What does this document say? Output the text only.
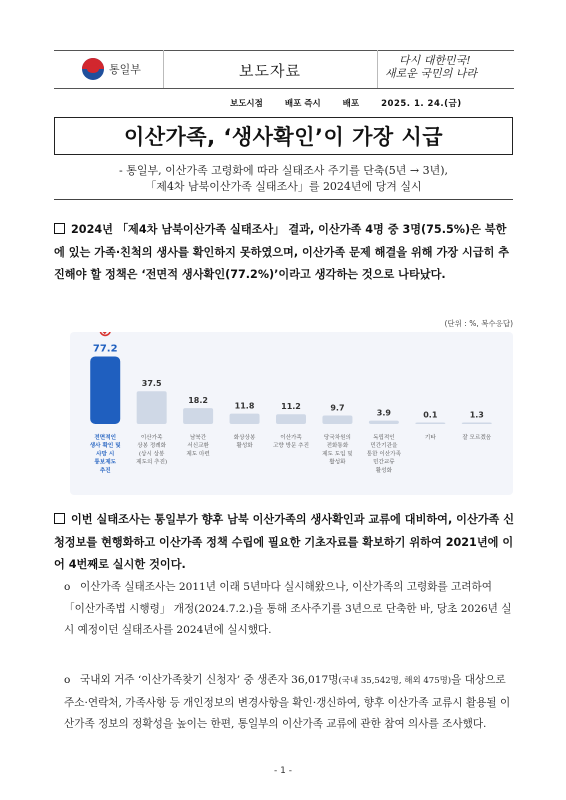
통일부	보도자료
다시 대한민국!
새로운 국민의 나라
보도시점	배포 즉시	배포	2025. 1. 24.(금)
이산가족, ‘생사확인’이 가장 시급
- 통일부, 이산가족 고령화에 따라 실태조사 주기를 단축(5년 → 3년),
「제4차 남북이산가족 실태조사」를 2024년에 당겨 실시
2024년 「제4차 남북이산가족 실태조사」 결과, 이산가족 4명 중 3명(75.5%)은 북한에 있는 가족·친척의 생사를 확인하지 못하였으며, 이산가족 문제 해결을 위해 가장 시급히 추진해야 할 정책은 ‘전면적 생사확인(77.2%)’이라고 생각하는 것으로 나타났다.
(단위 : %, 복수응답)
77.2
전면적인
생사 확인 및
사망 시
통보제도
추진
37.5
이산가족
상봉 정례화
(상시 상봉
제도의 추진)
18.2
남북간
서신교환
제도 마련
11.8
화상상봉
활성화
11.2
이산가족
고향 방문 추진
9.7
당국차원의
전화통화
제도 도입 및
활성화
3.9
독립적인
민간기관을
통한 이산가족
민간교류
활성화
0.1
기타
1.3
잘 모르겠음
이번 실태조사는 통일부가 향후 남북 이산가족의 생사확인과 교류에 대비하여, 이산가족 신청정보를 현행화하고 이산가족 정책 수립에 필요한 기초자료를 확보하기 위하여 2021년에 이어 4번째로 실시한 것이다.
o 이산가족 실태조사는 2011년 이래 5년마다 실시해왔으나, 이산가족의 고령화를 고려하여 「이산가족법 시행령」 개정(2024.7.2.)을 통해 조사주기를 3년으로 단축한 바, 당초 2026년 실시 예정이던 실태조사를 2024년에 실시했다.
o 국내외 거주 ‘이산가족찾기 신청자’ 중 생존자 36,017명(국내 35,542명, 해외 475명)을 대상으로 주소·연락처, 가족사항 등 개인정보의 변경사항을 확인·갱신하여, 향후 이산가족 교류시 활용될 이산가족 정보의 정확성을 높이는 한편, 통일부의 이산가족 교류에 관한 참여 의사를 조사했다.
- 1 -
